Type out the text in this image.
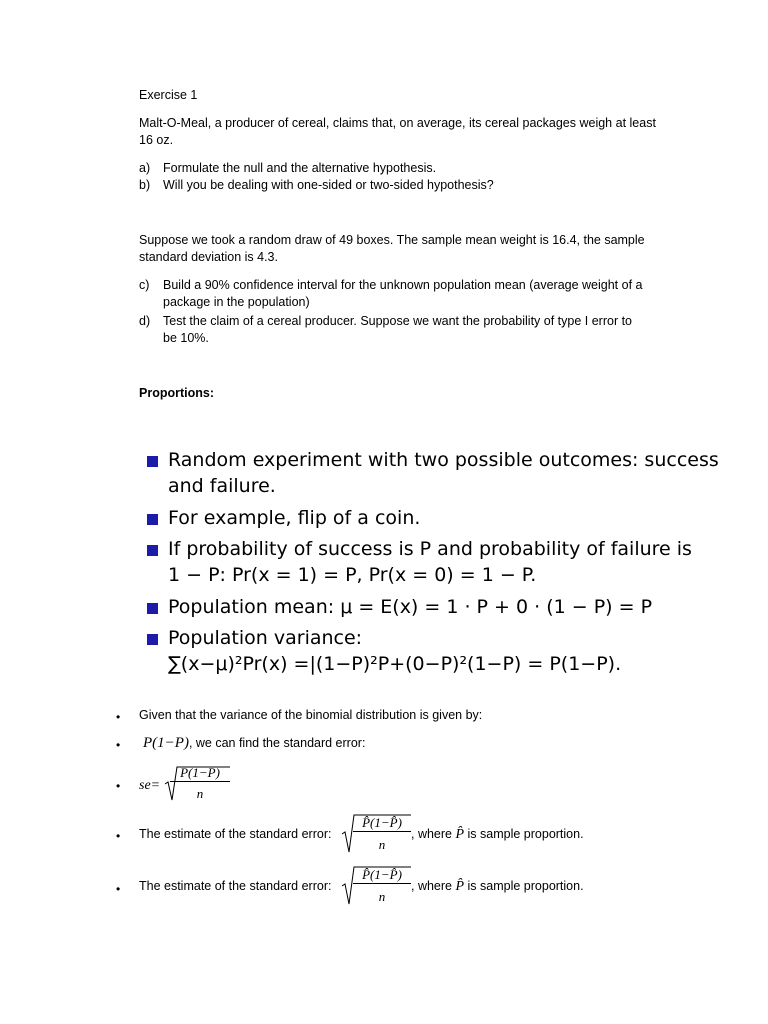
Exercise 1
Malt-O-Meal, a producer of cereal, claims that, on average, its cereal packages weigh at least
16 oz.
a) Formulate the null and the alternative hypothesis.
b) Will you be dealing with one-sided or two-sided hypothesis?
Suppose we took a random draw of 49 boxes. The sample mean weight is 16.4, the sample
standard deviation is 4.3.
c) Build a 90% confidence interval for the unknown population mean (average weight of a
package in the population)
d) Test the claim of a cereal producer. Suppose we want the probability of type I error to
be 10%.
Proportions:
Random experiment with two possible outcomes: success
and failure.
For example, flip of a coin.
If probability of success is P and probability of failure is
1 − P: Pr(x = 1) = P, Pr(x = 0) = 1 − P.
Population mean: μ = E(x) = 1 · P + 0 · (1 − P) = P
Population variance:
∑(x−μ)²Pr(x) =|(1−P)²P+(0−P)²(1−P) = P(1−P).
• Given that the variance of the binomial distribution is given by:
• P(1−P), we can find the standard error:
• se=
P(1−P)
n
• The estimate of the standard error:
P̂(1−P̂)
n
, where P̂ is sample proportion.
• The estimate of the standard error:
P̂(1−P̂)
n
, where P̂ is sample proportion.
